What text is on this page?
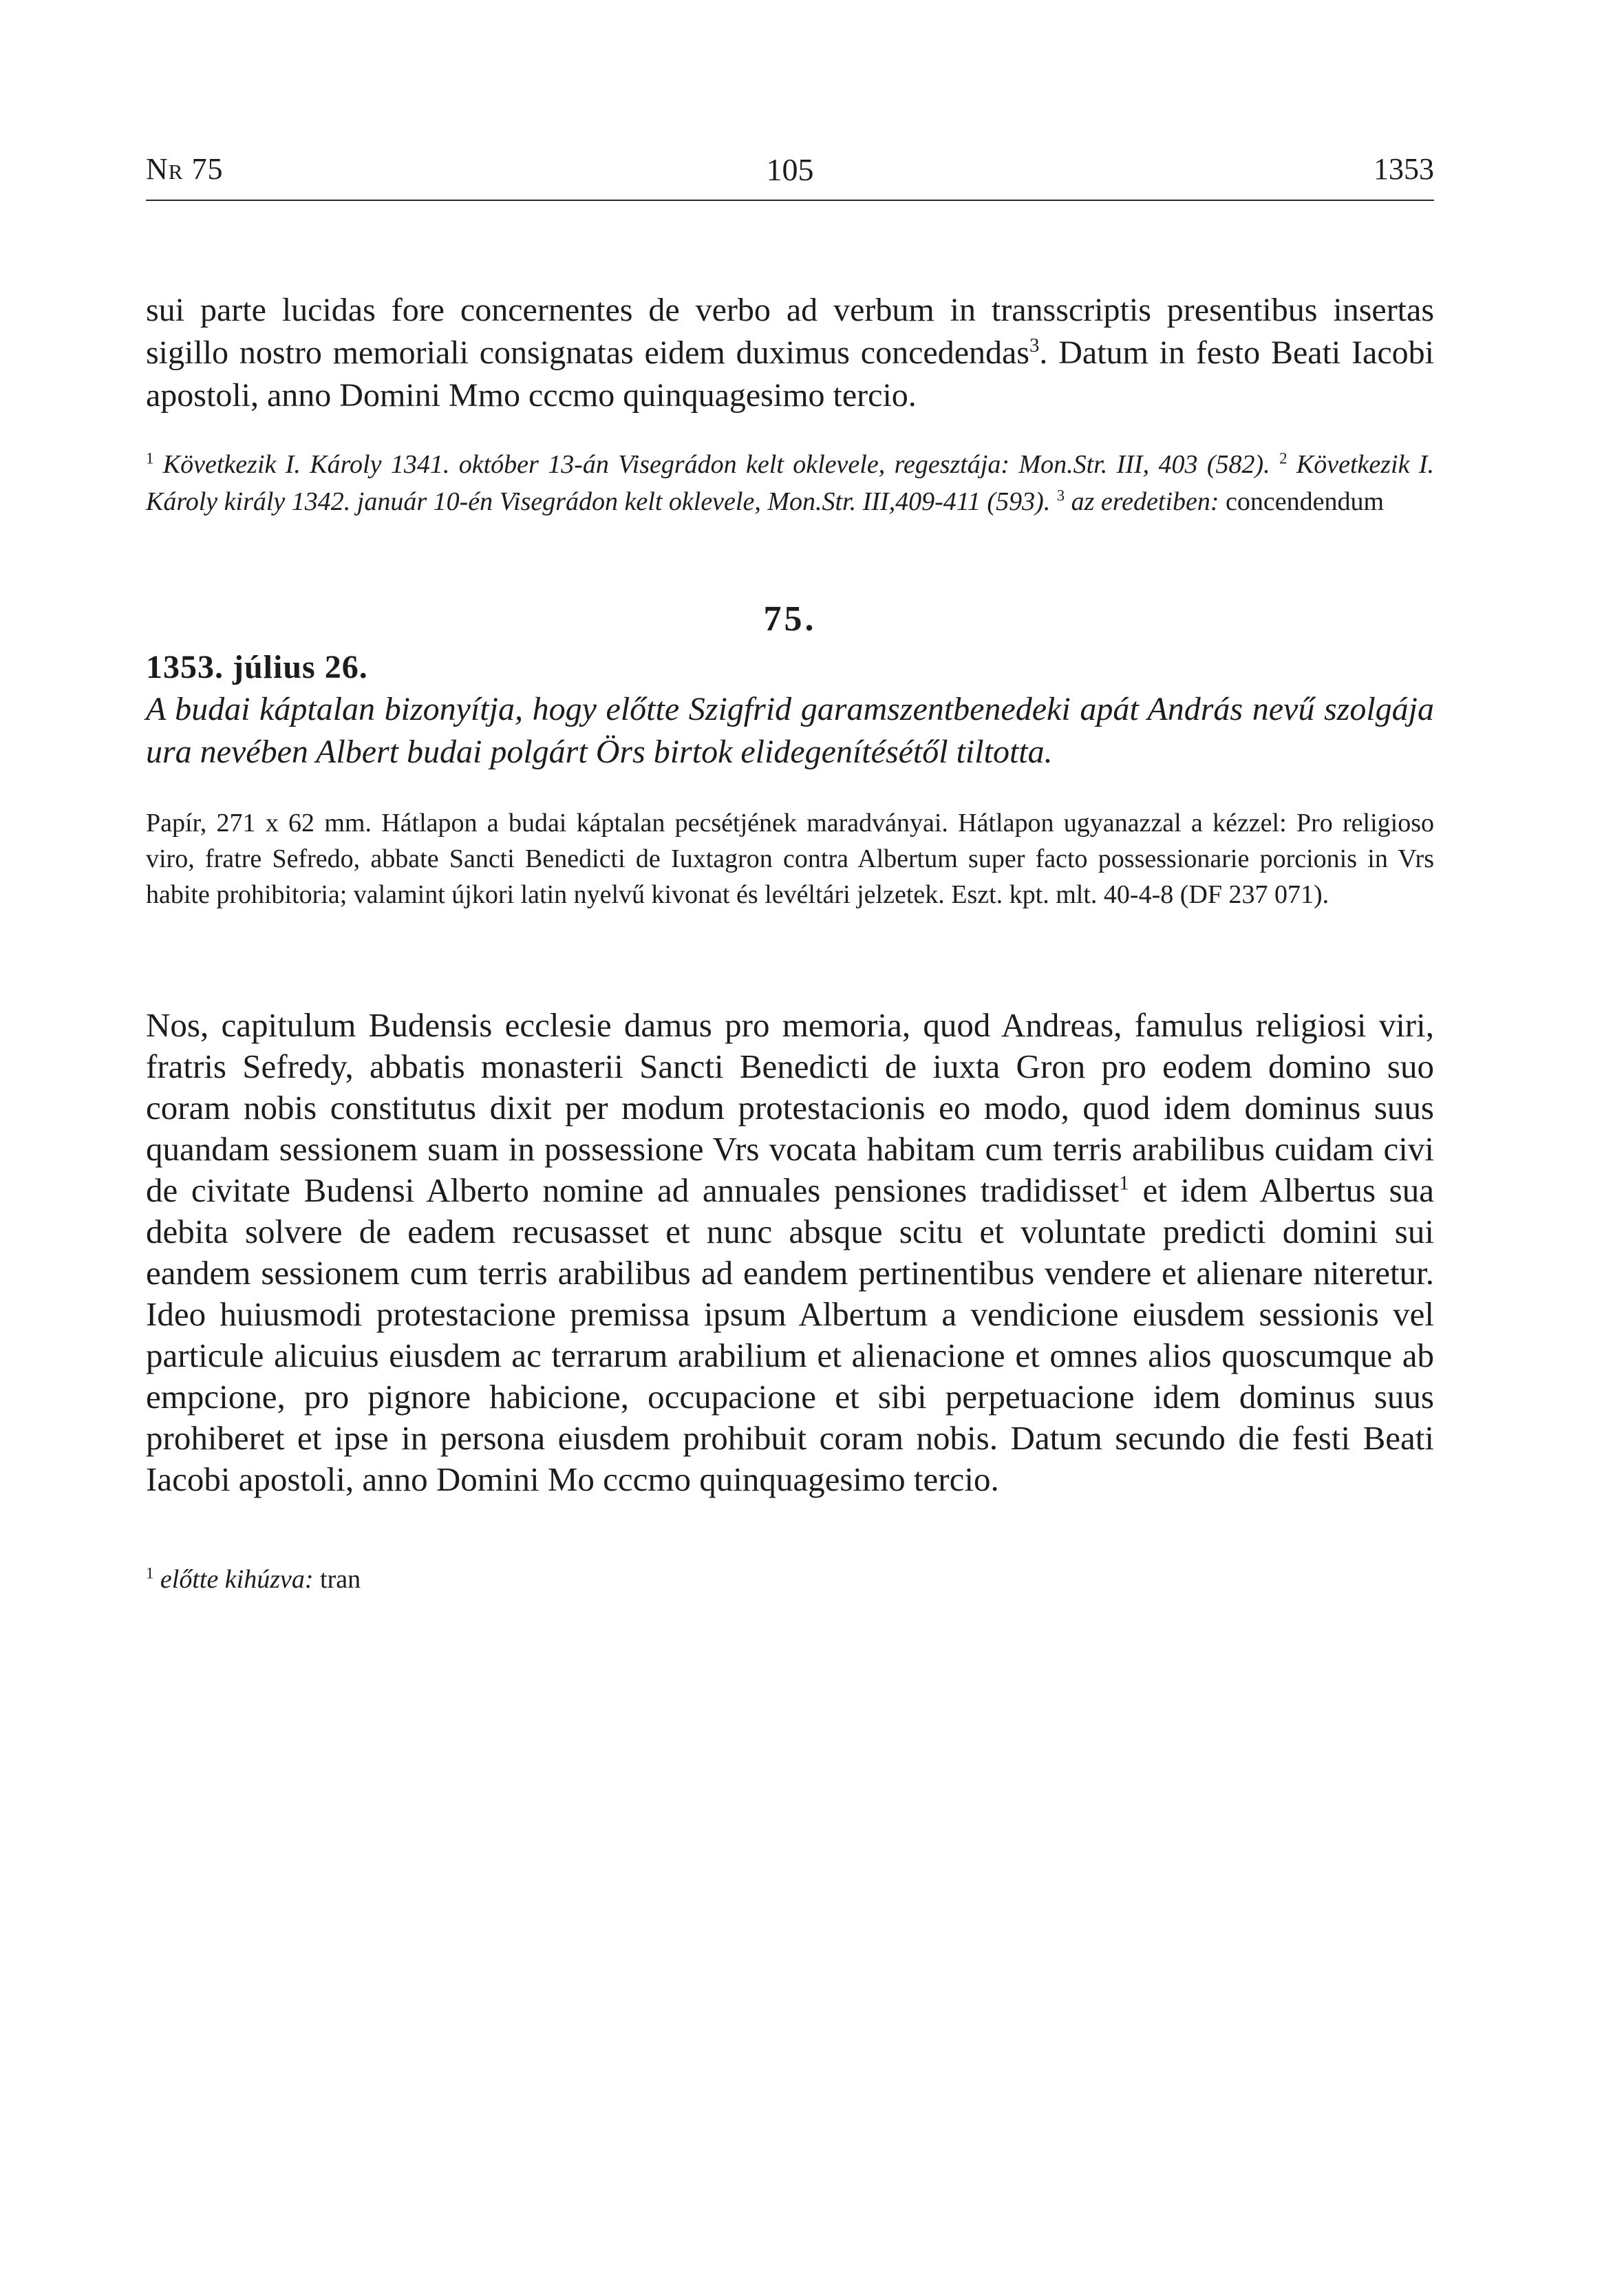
Nr 75	105	1353
sui parte lucidas fore concernentes de verbo ad verbum in transscriptis presentibus insertas sigillo nostro memoriali consignatas eidem duximus concedendas$^3$. Datum in festo Beati Iacobi apostoli, anno Domini Mmo cccmo quinquagesimo tercio.
$^1$ Következik I. Károly 1341. október 13-án Visegrádon kelt oklevele, regesztája: Mon.Str. III, 403 (582). $^2$ Következik I. Károly király 1342. január 10-én Visegrádon kelt oklevele, Mon.Str. III,409-411 (593). $^3$ az eredetiben: concendendum
75.
1353. július 26.
A budai káptalan bizonyítja, hogy előtte Szigfrid garamszentbenedeki apát András nevű szolgája ura nevében Albert budai polgárt Örs birtok elidegenítésétől tiltotta.
Papír, 271 x 62 mm. Hátlapon a budai káptalan pecsétjének maradványai. Hátlapon ugyanazzal a kézzel: Pro religioso viro, fratre Sefredo, abbate Sancti Benedicti de Iuxtagron contra Albertum super facto possessionarie porcionis in Vrs habite prohibitoria; valamint újkori latin nyelvű kivonat és levéltári jelzetek. Eszt. kpt. mlt. 40-4-8 (DF 237 071).
Nos, capitulum Budensis ecclesie damus pro memoria, quod Andreas, famulus religiosi viri, fratris Sefredy, abbatis monasterii Sancti Benedicti de iuxta Gron pro eodem domino suo coram nobis constitutus dixit per modum protestacionis eo modo, quod idem dominus suus quandam sessionem suam in possessione Vrs vocata habitam cum terris arabilibus cuidam civi de civitate Budensi Alberto nomine ad annuales pensiones tradidisset$^1$ et idem Albertus sua debita solvere de eadem recusasset et nunc absque scitu et voluntate predicti domini sui eandem sessionem cum terris arabilibus ad eandem pertinentibus vendere et alienare niteretur. Ideo huiusmodi protestacione premissa ipsum Albertum a vendicione eiusdem sessionis vel particule alicuius eiusdem ac terrarum arabilium et alienacione et omnes alios quoscumque ab empcione, pro pignore habicione, occupacione et sibi perpetuacione idem dominus suus prohiberet et ipse in persona eiusdem prohibuit coram nobis. Datum secundo die festi Beati Iacobi apostoli, anno Domini Mo cccmo quinquagesimo tercio.
$^1$ előtte kihúzva: tran
